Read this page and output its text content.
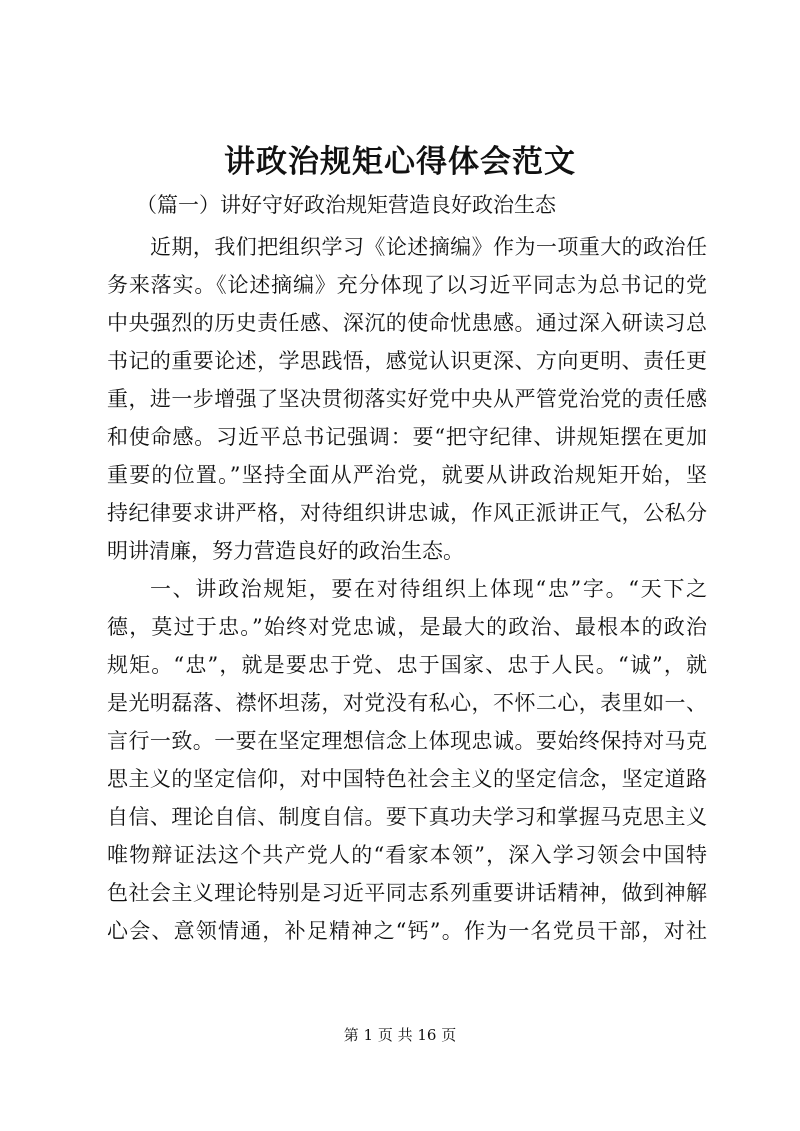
讲政治规矩心得体会范文
（篇一）讲好守好政治规矩营造良好政治生态
近期，我们把组织学习《论述摘编》作为一项重大的政治任
务来落实。《论述摘编》充分体现了以习近平同志为总书记的党
中央强烈的历史责任感、深沉的使命忧患感。通过深入研读习总
书记的重要论述，学思践悟，感觉认识更深、方向更明、责任更
重，进一步增强了坚决贯彻落实好党中央从严管党治党的责任感
和使命感。习近平总书记强调：要“把守纪律、讲规矩摆在更加
重要的位置。”坚持全面从严治党，就要从讲政治规矩开始，坚
持纪律要求讲严格，对待组织讲忠诚，作风正派讲正气，公私分
明讲清廉，努力营造良好的政治生态。
一、讲政治规矩，要在对待组织上体现“忠”字。“天下之
德，莫过于忠。”始终对党忠诚，是最大的政治、最根本的政治
规矩。“忠”，就是要忠于党、忠于国家、忠于人民。“诚”，就
是光明磊落、襟怀坦荡，对党没有私心，不怀二心，表里如一、
言行一致。一要在坚定理想信念上体现忠诚。要始终保持对马克
思主义的坚定信仰，对中国特色社会主义的坚定信念，坚定道路
自信、理论自信、制度自信。要下真功夫学习和掌握马克思主义
唯物辩证法这个共产党人的“看家本领”，深入学习领会中国特
色社会主义理论特别是习近平同志系列重要讲话精神，做到神解
心会、意领情通，补足精神之“钙”。作为一名党员干部，对社
第 1 页 共 16 页
